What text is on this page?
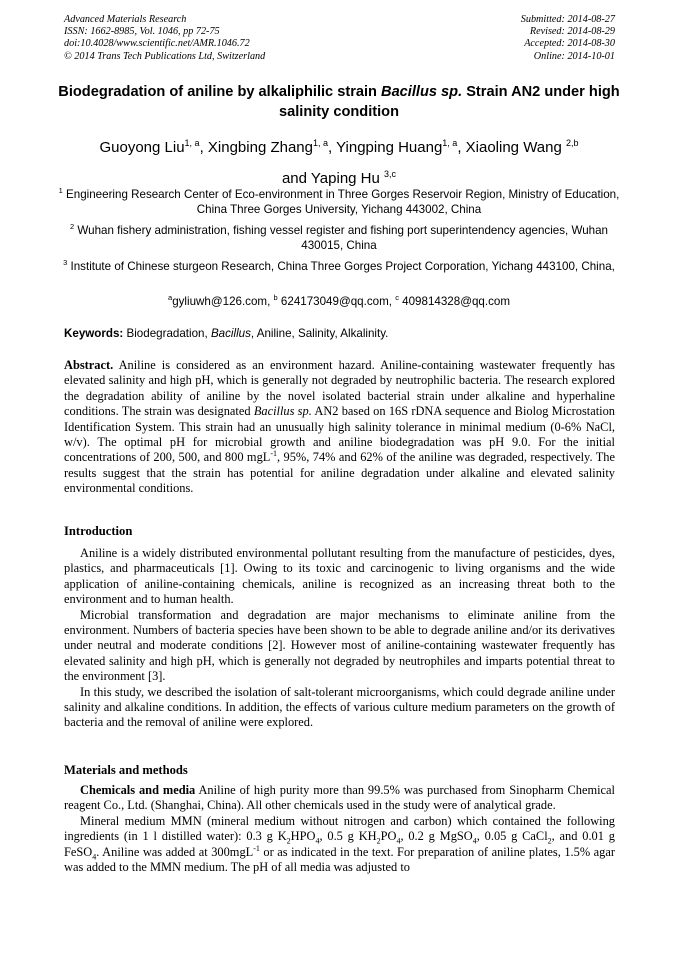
Advanced Materials Research
ISSN: 1662-8985, Vol. 1046, pp 72-75
doi:10.4028/www.scientific.net/AMR.1046.72
© 2014 Trans Tech Publications Ltd, Switzerland
Submitted: 2014-08-27
Revised: 2014-08-29
Accepted: 2014-08-30
Online: 2014-10-01
Biodegradation of aniline by alkaliphilic strain Bacillus sp. Strain AN2 under high salinity condition
Guoyong Liu$^{1, a}$, Xingbing Zhang$^{1, a}$, Yingping Huang$^{1, a}$, Xiaoling Wang $^{2,b}$
and Yaping Hu $^{3,c}$
$^1$ Engineering Research Center of Eco-environment in Three Gorges Reservoir Region, Ministry of Education, China Three Gorges University, Yichang 443002, China
$^2$ Wuhan fishery administration, fishing vessel register and fishing port superintendency agencies, Wuhan 430015, China
$^3$ Institute of Chinese sturgeon Research, China Three Gorges Project Corporation, Yichang 443100, China,
$^a$gyliuwh@126.com, $^b$ 624173049@qq.com, $^c$ 409814328@qq.com
Keywords: Biodegradation, Bacillus, Aniline, Salinity, Alkalinity.
Abstract. Aniline is considered as an environment hazard. Aniline-containing wastewater frequently has elevated salinity and high pH, which is generally not degraded by neutrophilic bacteria. The research explored the degradation ability of aniline by the novel isolated bacterial strain under alkaline and hyperhaline conditions. The strain was designated Bacillus sp. AN2 based on 16S rDNA sequence and Biolog Microstation Identification System. This strain had an unusually high salinity tolerance in minimal medium (0-6% NaCl, w/v). The optimal pH for microbial growth and aniline biodegradation was pH 9.0. For the initial concentrations of 200, 500, and 800 mgL$^{-1}$, 95%, 74% and 62% of the aniline was degraded, respectively. The results suggest that the strain has potential for aniline degradation under alkaline and elevated salinity environmental conditions.
Introduction

Aniline is a widely distributed environmental pollutant resulting from the manufacture of pesticides, dyes, plastics, and pharmaceuticals [1]. Owing to its toxic and carcinogenic to living organisms and the wide application of aniline-containing chemicals, aniline is recognized as an increasing threat both to the environment and to human health.

Microbial transformation and degradation are major mechanisms to eliminate aniline from the environment. Numbers of bacteria species have been shown to be able to degrade aniline and/or its derivatives under neutral and moderate conditions [2]. However most of aniline-containing wastewater frequently has elevated salinity and high pH, which is generally not degraded by neutrophiles and imparts potential threat to the environment [3].

In this study, we described the isolation of salt-tolerant microorganisms, which could degrade aniline under salinity and alkaline conditions. In addition, the effects of various culture medium parameters on the growth of bacteria and the removal of aniline were explored.

Materials and methods

Chemicals and media Aniline of high purity more than 99.5% was purchased from Sinopharm Chemical reagent Co., Ltd. (Shanghai, China). All other chemicals used in the study were of analytical grade.

Mineral medium MMN (mineral medium without nitrogen and carbon) which contained the following ingredients (in 1 l distilled water): 0.3 g $K_2HPO_4$, 0.5 g $KH_2PO_4$, 0.2 g MgSO$_4$, 0.05 g CaCl$_2$, and 0.01 g FeSO$_4$. Aniline was added at 300mgL$^{-1}$ or as indicated in the text. For preparation of aniline plates, 1.5% agar was added to the MMN medium. The pH of all media was adjusted to
